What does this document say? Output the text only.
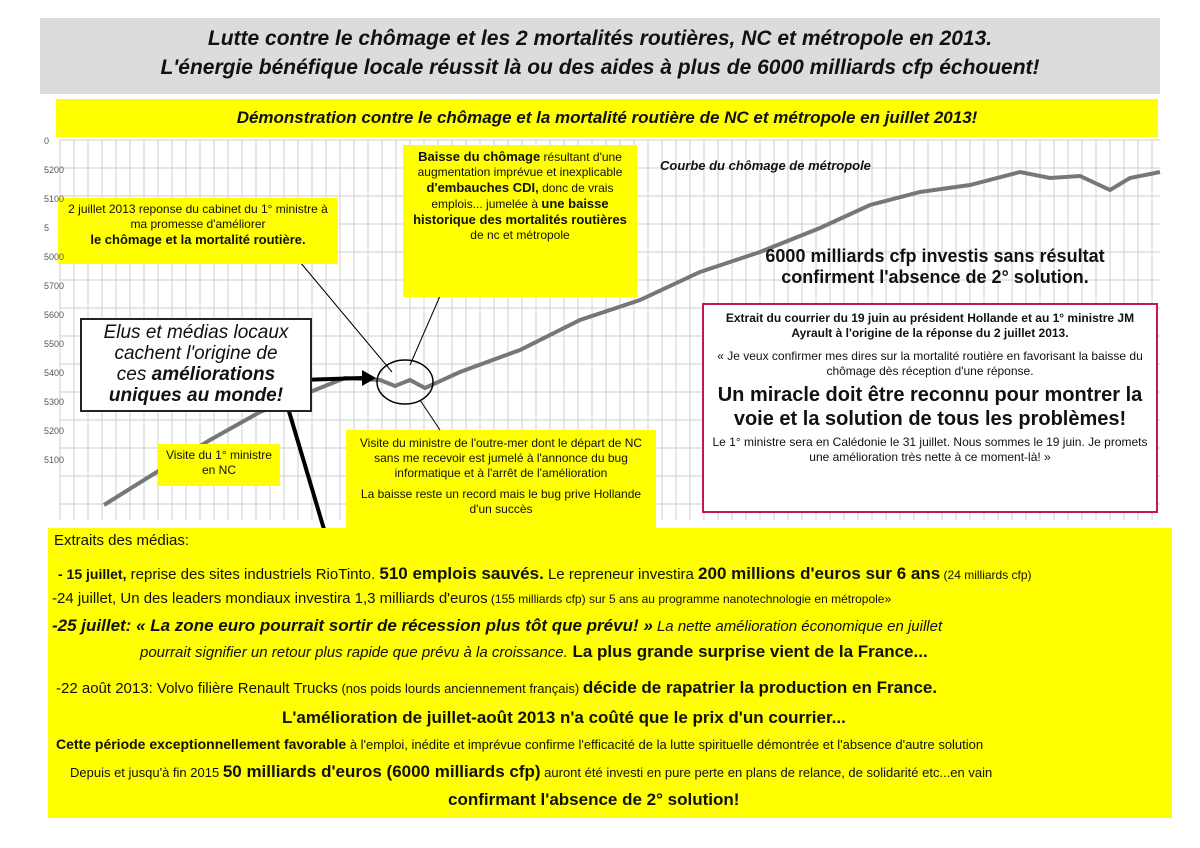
Lutte contre le chômage et les 2 mortalités routières, NC et métropole en 2013.
L'énergie bénéfique locale réussit là ou des aides à plus de 6000 milliards cfp échouent!
Démonstration contre le chômage et la mortalité routière de NC et métropole en juillet 2013!
Courbe du chômage de métropole
2 juillet 2013 reponse du cabinet du 1° ministre à ma promesse d'améliorer
le chômage et la mortalité routière.
Baisse du chômage résultant d'une augmentation imprévue et inexplicable d'embauches CDI, donc de vrais emplois... jumelée à une baisse historique des mortalités routières de nc et métropole
Visite du 1° ministre en NC
Visite du ministre de l'outre-mer dont le départ de NC sans me recevoir est jumelé à l'annonce du bug informatique et à l'arrêt de l'amélioration
La baisse reste un record mais le bug prive Hollande d'un succès
Elus et médias locaux
cachent l'origine de
ces améliorations
uniques au monde!
6000 milliards cfp investis sans résultat
confirment l'absence de 2° solution.
Extrait du courrier du 19 juin au président Hollande et au 1° ministre JM Ayrault à l'origine de la réponse du 2 juillet 2013.
« Je veux confirmer mes dires sur la mortalité routière en favorisant la baisse du chômage dès réception d'une réponse.
Un miracle doit être reconnu pour montrer la voie et la solution de tous les problèmes!
Le 1° ministre sera en Calédonie le 31 juillet. Nous sommes le 19 juin. Je promets une amélioration très nette à ce moment-là! »
- 15 juillet, reprise des sites industriels RioTinto. 510 emplois sauvés. Le repreneur investira 200 millions d'euros sur 6 ans (24 milliards cfp)
-24 juillet, Un des leaders mondiaux investira 1,3 milliards d'euros (155 milliards cfp) sur 5 ans au programme nanotechnologie en métropole»
-25 juillet: « La zone euro pourrait sortir de récession plus tôt que prévu! » La nette amélioration économique en juillet
pourrait signifier un retour plus rapide que prévu à la croissance. La plus grande surprise vient de la France...
-22 août 2013: Volvo filière Renault Trucks (nos poids lourds anciennement français) décide de rapatrier la production en France.
L'amélioration de juillet-août 2013 n'a coûté que le prix d'un courrier...
Cette période exceptionnellement favorable à l'emploi, inédite et imprévue confirme l'efficacité de la lutte spirituelle démontrée et l'absence d'autre solution
Depuis et jusqu'à fin 2015 50 milliards d'euros (6000 milliards cfp) auront été investi en pure perte en plans de relance, de solidarité etc...en vain
confirmant l'absence de 2° solution!
Extraits des médias:
0
5200
5100
5
5000
5700
5600
5500
5400
5300
5200
5100
